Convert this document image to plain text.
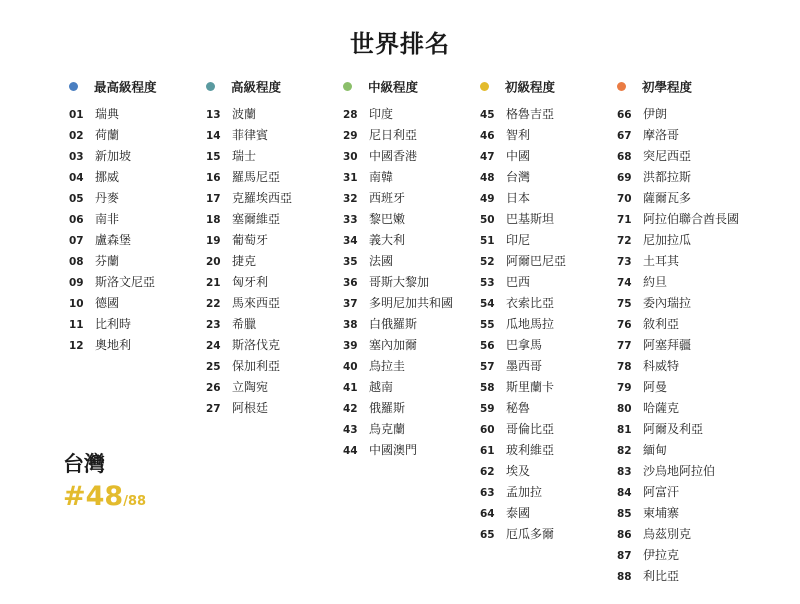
世界排名
最高級程度
01 瑞典
02 荷蘭
03 新加坡
04 挪威
05 丹麥
06 南非
07 盧森堡
08 芬蘭
09 斯洛文尼亞
10 德國
11 比利時
12 奧地利
高級程度
13 波蘭
14 菲律賓
15 瑞士
16 羅馬尼亞
17 克羅埃西亞
18 塞爾維亞
19 葡萄牙
20 捷克
21 匈牙利
22 馬來西亞
23 希臘
24 斯洛伐克
25 保加利亞
26 立陶宛
27 阿根廷
中級程度
28 印度
29 尼日利亞
30 中國香港
31 南韓
32 西班牙
33 黎巴嫩
34 義大利
35 法國
36 哥斯大黎加
37 多明尼加共和國
38 白俄羅斯
39 塞內加爾
40 烏拉圭
41 越南
42 俄羅斯
43 烏克蘭
44 中國澳門
初級程度
45 格魯吉亞
46 智利
47 中國
48 台灣
49 日本
50 巴基斯坦
51 印尼
52 阿爾巴尼亞
53 巴西
54 衣索比亞
55 瓜地馬拉
56 巴拿馬
57 墨西哥
58 斯里蘭卡
59 秘魯
60 哥倫比亞
61 玻利維亞
62 埃及
63 孟加拉
64 泰國
65 厄瓜多爾
初學程度
66 伊朗
67 摩洛哥
68 突尼西亞
69 洪都拉斯
70 薩爾瓦多
71 阿拉伯聯合酋長國
72 尼加拉瓜
73 土耳其
74 約旦
75 委內瑞拉
76 敘利亞
77 阿塞拜疆
78 科威特
79 阿曼
80 哈薩克
81 阿爾及利亞
82 緬甸
83 沙烏地阿拉伯
84 阿富汗
85 柬埔寨
86 烏茲別克
87 伊拉克
88 利比亞
台灣
#48/88
